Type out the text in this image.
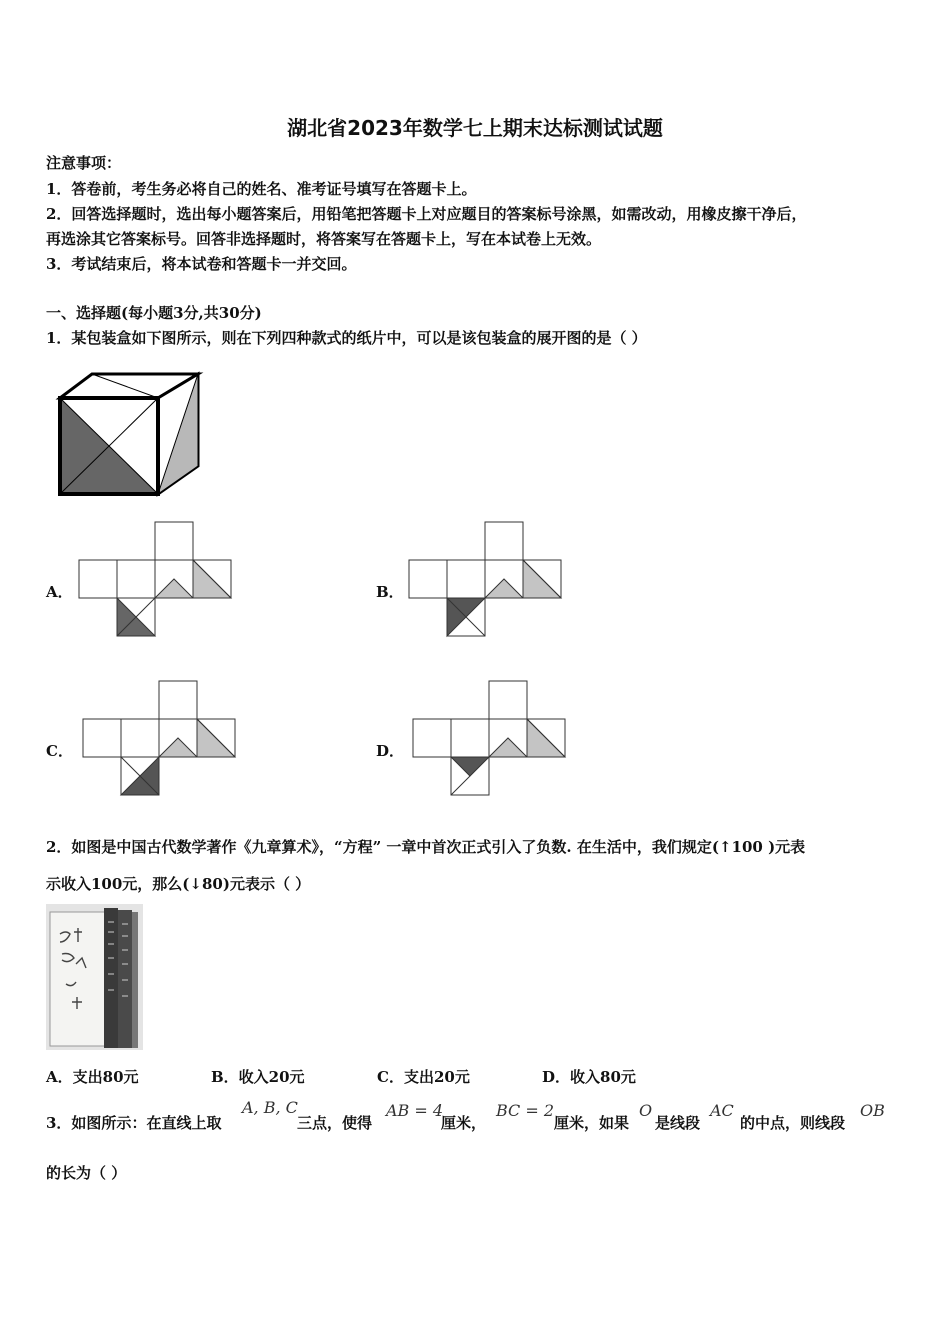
湖北省2023年数学七上期末达标测试试题
注意事项：
1．答卷前，考生务必将自己的姓名、准考证号填写在答题卡上。
2．回答选择题时，选出每小题答案后，用铅笔把答题卡上对应题目的答案标号涂黑，如需改动，用橡皮擦干净后，
再选涂其它答案标号。回答非选择题时，将答案写在答题卡上，写在本试卷上无效。
3．考试结束后，将本试卷和答题卡一并交回。
一、选择题(每小题3分,共30分)
1．某包装盒如下图所示，则在下列四种款式的纸片中，可以是该包装盒的展开图的是（ ）
A．	B．
C．	D．
2．如图是中国古代数学著作《九章算术》，“方程” 一章中首次正式引入了负数. 在生活中，我们规定(↑100 )元表
示收入100元，那么(↓80)元表示（ ）
A．支出80元	B．收入20元	C．支出20元	D．收入80元
3．如图所示：在直线上取
A, B, C
三点，使得
AB = 4
厘米，
BC = 2
厘米，如果
O
是线段
AC
的中点，则线段
OB
的长为（ ）
